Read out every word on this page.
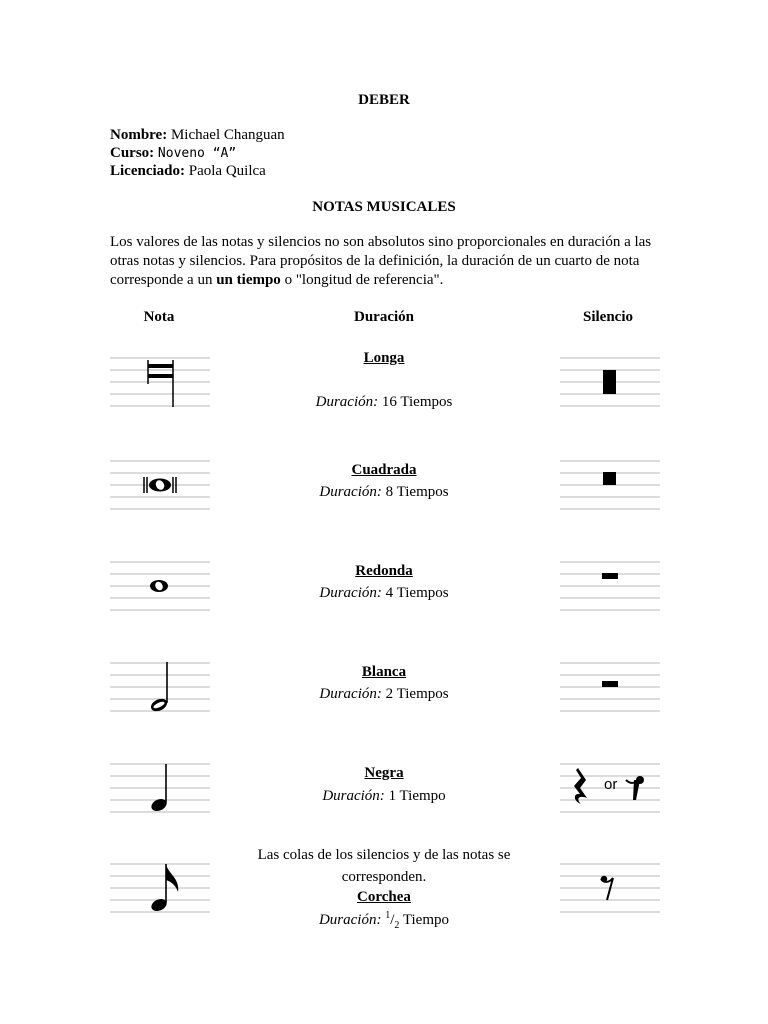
DEBER
Nombre: Michael Changuan
Curso: Noveno “A”
Licenciado: Paola Quilca
NOTAS MUSICALES
Los valores de las notas y silencios no son absolutos sino proporcionales en duración a las otras notas y silencios. Para propósitos de la definición, la duración de un cuarto de nota corresponde a un un tiempo o "longitud de referencia".
Nota	Duración	Silencio
Longa
Duración: 16 Tiempos
Cuadrada
Duración: 8 Tiempos
Redonda
Duración: 4 Tiempos
Blanca
Duración: 2 Tiempos
Negra
Duración: 1 Tiempo
or
Las colas de los silencios y de las notas se corresponden.
Corchea
Duración: $^1/_2$ Tiempo
